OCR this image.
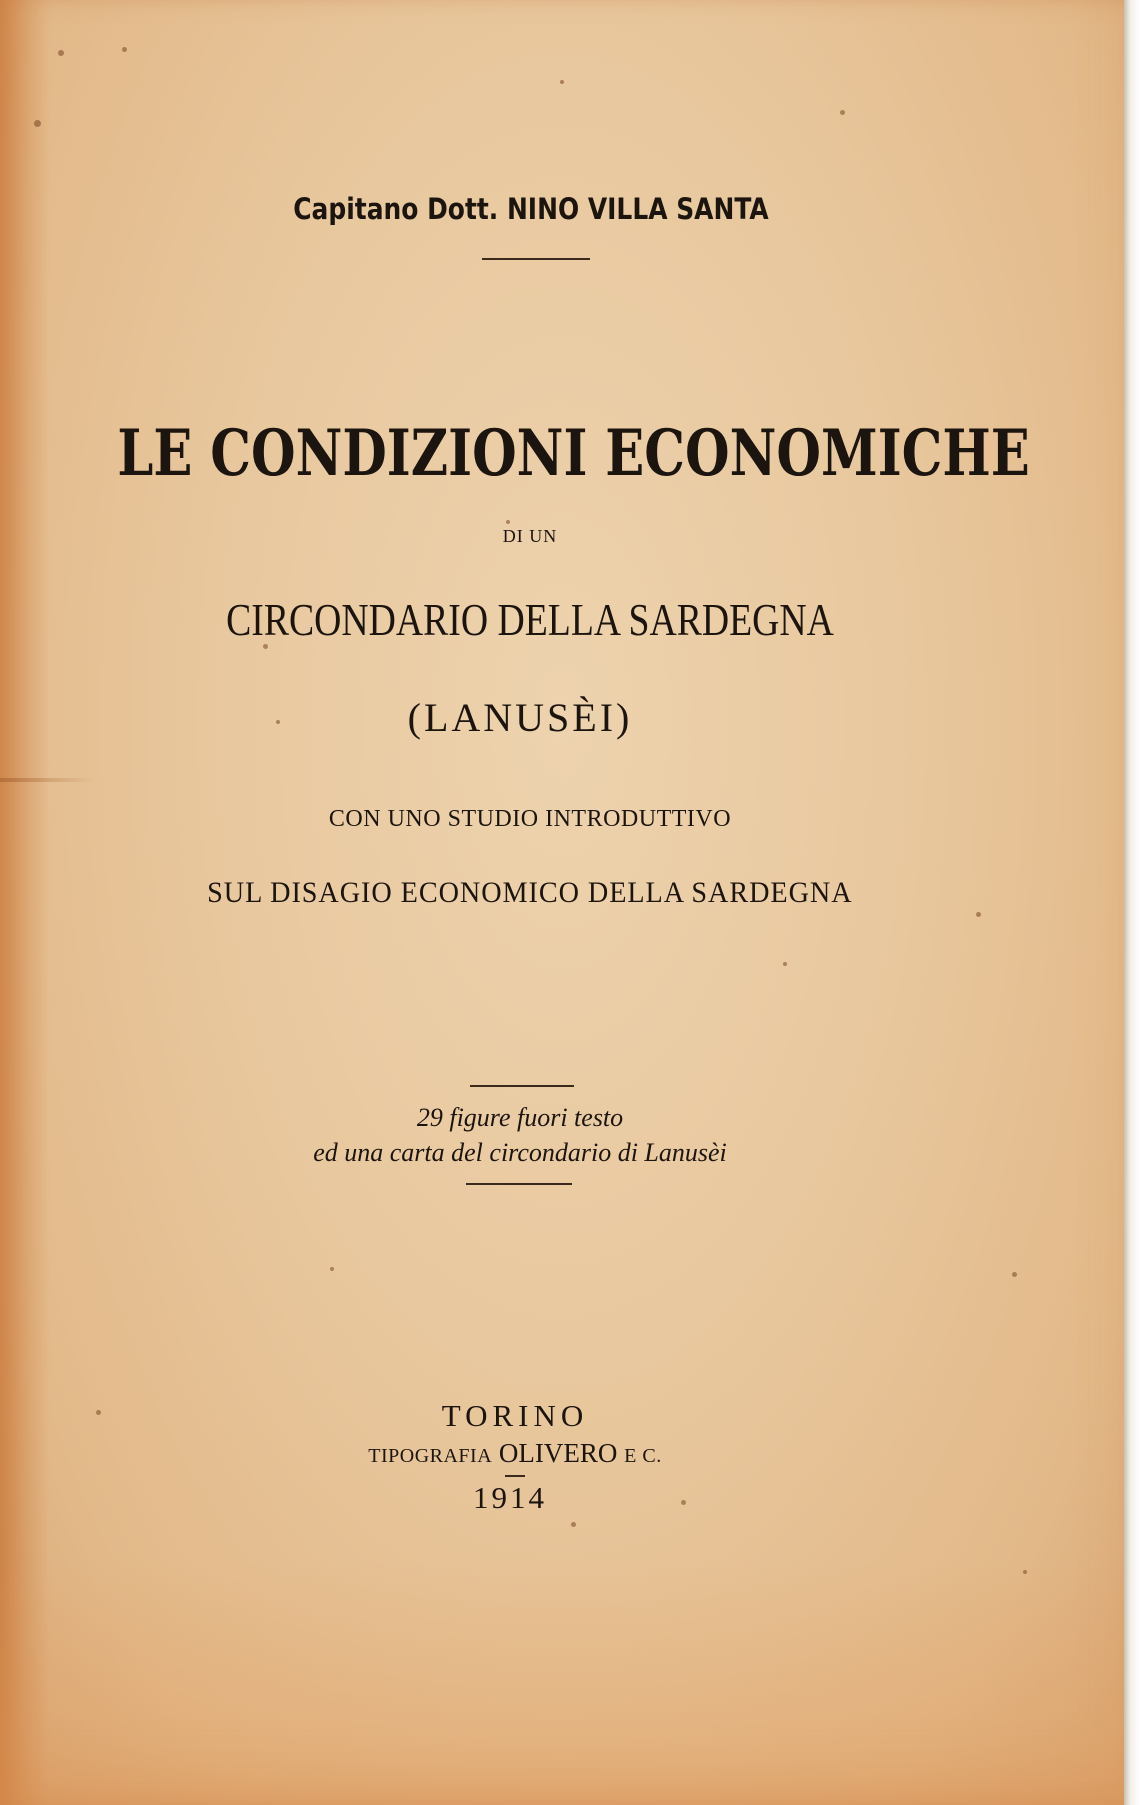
Capitano Dott. NINO VILLA SANTA

LE CONDIZIONI ECONOMICHE

DI UN

CIRCONDARIO DELLA SARDEGNA

(LANUSÈI)

CON UNO STUDIO INTRODUTTIVO

SUL DISAGIO ECONOMICO DELLA SARDEGNA

29 figure fuori testo

ed una carta del circondario di Lanusèi

TORINO

TIPOGRAFIA OLIVERO E C.

1914
